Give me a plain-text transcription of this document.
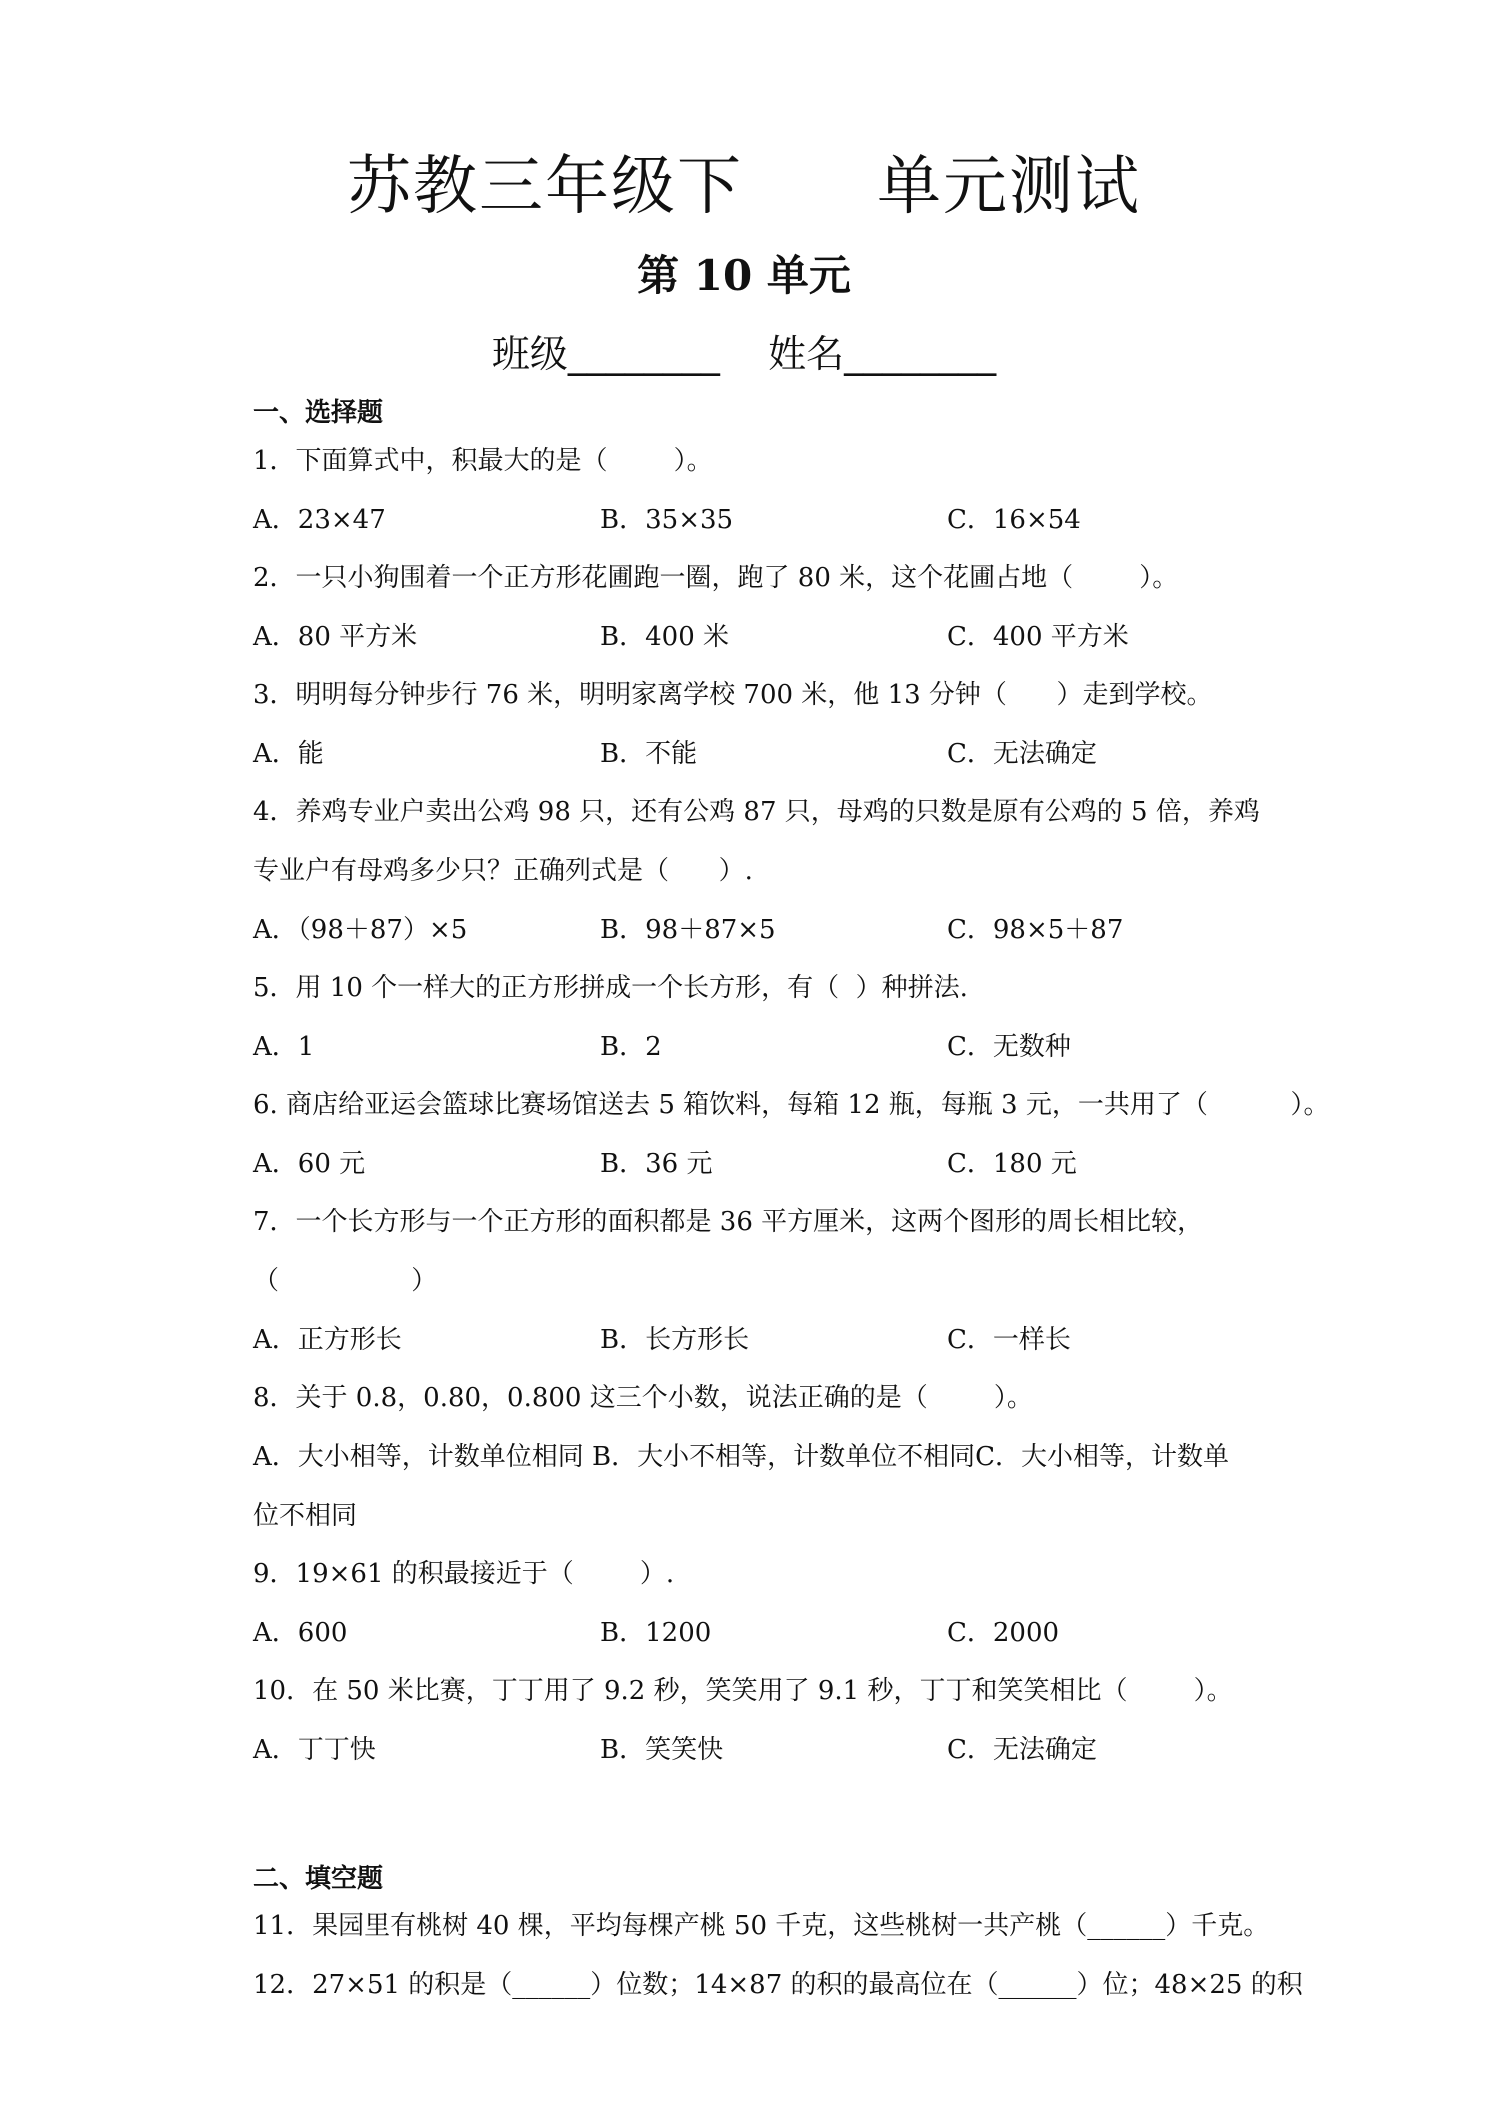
苏教三年级下      单元测试
第 10 单元
班级________    姓名________
一、选择题
1．下面算式中，积最大的是（        ）。
A．23×47	B．35×35	C．16×54
2．一只小狗围着一个正方形花圃跑一圈，跑了 80 米，这个花圃占地（        ）。
A．80 平方米	B．400 米	C．400 平方米
3．明明每分钟步行 76 米，明明家离学校 700 米，他 13 分钟（      ）走到学校。
A．能	B．不能	C．无法确定
4．养鸡专业户卖出公鸡 98 只，还有公鸡 87 只，母鸡的只数是原有公鸡的 5 倍，养鸡
专业户有母鸡多少只？正确列式是（      ）.
A．（98＋87）×5	B．98＋87×5	C．98×5＋87
5．用 10 个一样大的正方形拼成一个长方形，有（  ）种拼法.
A．1	B．2	C．无数种
6. 商店给亚运会篮球比赛场馆送去 5 箱饮料，每箱 12 瓶，每瓶 3 元，一共用了（          ）。
A．60 元	B．36 元	C．180 元
7．一个长方形与一个正方形的面积都是 36 平方厘米，这两个图形的周长相比较，
（                ）
A．正方形长	B．长方形长	C．一样长
8．关于 0.8，0.80，0.800 这三个小数，说法正确的是（        ）。
A．大小相等，计数单位相同 B．大小不相等，计数单位不相同C．大小相等，计数单
位不相同
9．19×61 的积最接近于（        ）.
A．600	B．1200	C．2000
10．在 50 米比赛，丁丁用了 9.2 秒，笑笑用了 9.1 秒，丁丁和笑笑相比（        ）。
A．丁丁快	B．笑笑快	C．无法确定
二、填空题
11．果园里有桃树 40 棵，平均每棵产桃 50 千克，这些桃树一共产桃（______）千克。
12．27×51 的积是（______）位数；14×87 的积的最高位在（______）位；48×25 的积
